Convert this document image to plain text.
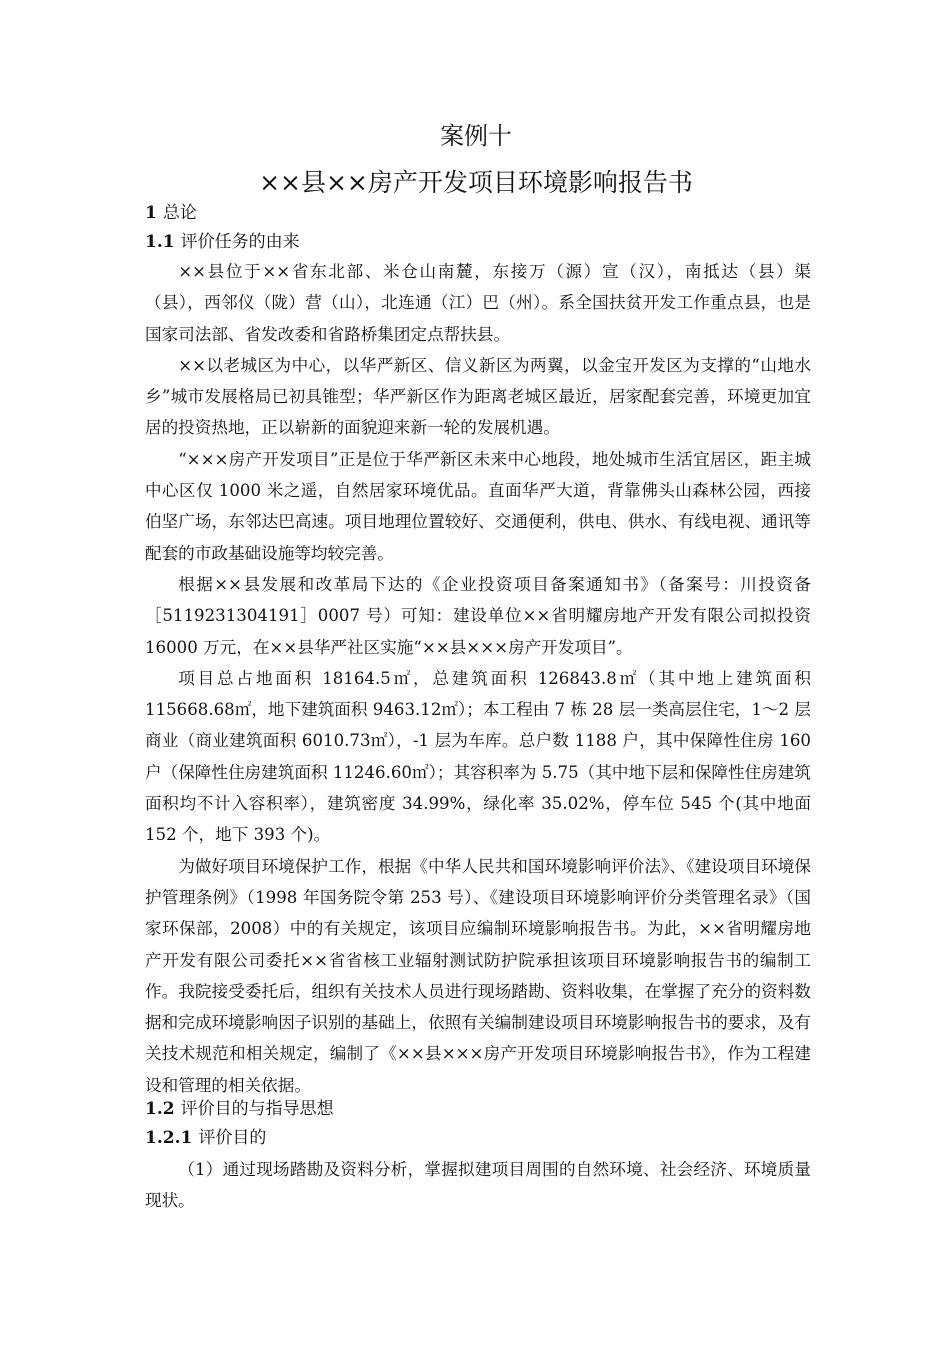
案例十
××县××房产开发项目环境影响报告书
1 总论
1.1 评价任务的由来

××县位于××省东北部、米仓山南麓，东接万（源）宣（汉），南抵达（县）渠（县），西邻仪（陇）营（山），北连通（江）巴（州）。系全国扶贫开发工作重点县，也是国家司法部、省发改委和省路桥集团定点帮扶县。

××以老城区为中心，以华严新区、信义新区为两翼，以金宝开发区为支撑的“山地水乡”城市发展格局已初具锥型；华严新区作为距离老城区最近，居家配套完善，环境更加宜居的投资热地，正以崭新的面貌迎来新一轮的发展机遇。

“×××房产开发项目”正是位于华严新区未来中心地段，地处城市生活宜居区，距主城中心区仅 1000 米之遥，自然居家环境优品。直面华严大道，背靠佛头山森林公园，西接伯坚广场，东邻达巴高速。项目地理位置较好、交通便利，供电、供水、有线电视、通讯等配套的市政基础设施等均较完善。

根据××县发展和改革局下达的《企业投资项目备案通知书》（备案号：川投资备［5119231304191］0007 号）可知：建设单位××省明耀房地产开发有限公司拟投资 16000 万元，在××县华严社区实施“××县×××房产开发项目”。

项目总占地面积 18164.5㎡，总建筑面积 126843.8㎡（其中地上建筑面积 115668.68㎡，地下建筑面积 9463.12㎡）；本工程由 7 栋 28 层一类高层住宅，1～2 层商业（商业建筑面积 6010.73㎡），-1 层为车库。总户数 1188 户，其中保障性住房 160 户（保障性住房建筑面积 11246.60㎡）；其容积率为 5.75（其中地下层和保障性住房建筑面积均不计入容积率），建筑密度 34.99%，绿化率 35.02%，停车位 545 个(其中地面 152 个，地下 393 个)。

为做好项目环境保护工作，根据《中华人民共和国环境影响评价法》、《建设项目环境保护管理条例》（1998 年国务院令第 253 号）、《建设项目环境影响评价分类管理名录》（国家环保部，2008）中的有关规定，该项目应编制环境影响报告书。为此，××省明耀房地产开发有限公司委托××省省核工业辐射测试防护院承担该项目环境影响报告书的编制工作。我院接受委托后，组织有关技术人员进行现场踏勘、资料收集，在掌握了充分的资料数据和完成环境影响因子识别的基础上，依照有关编制建设项目环境影响报告书的要求，及有关技术规范和相关规定，编制了《××县×××房产开发项目环境影响报告书》，作为工程建设和管理的相关依据。

1.2 评价目的与指导思想
1.2.1 评价目的

（1）通过现场踏勘及资料分析，掌握拟建项目周围的自然环境、社会经济、环境质量现状。
